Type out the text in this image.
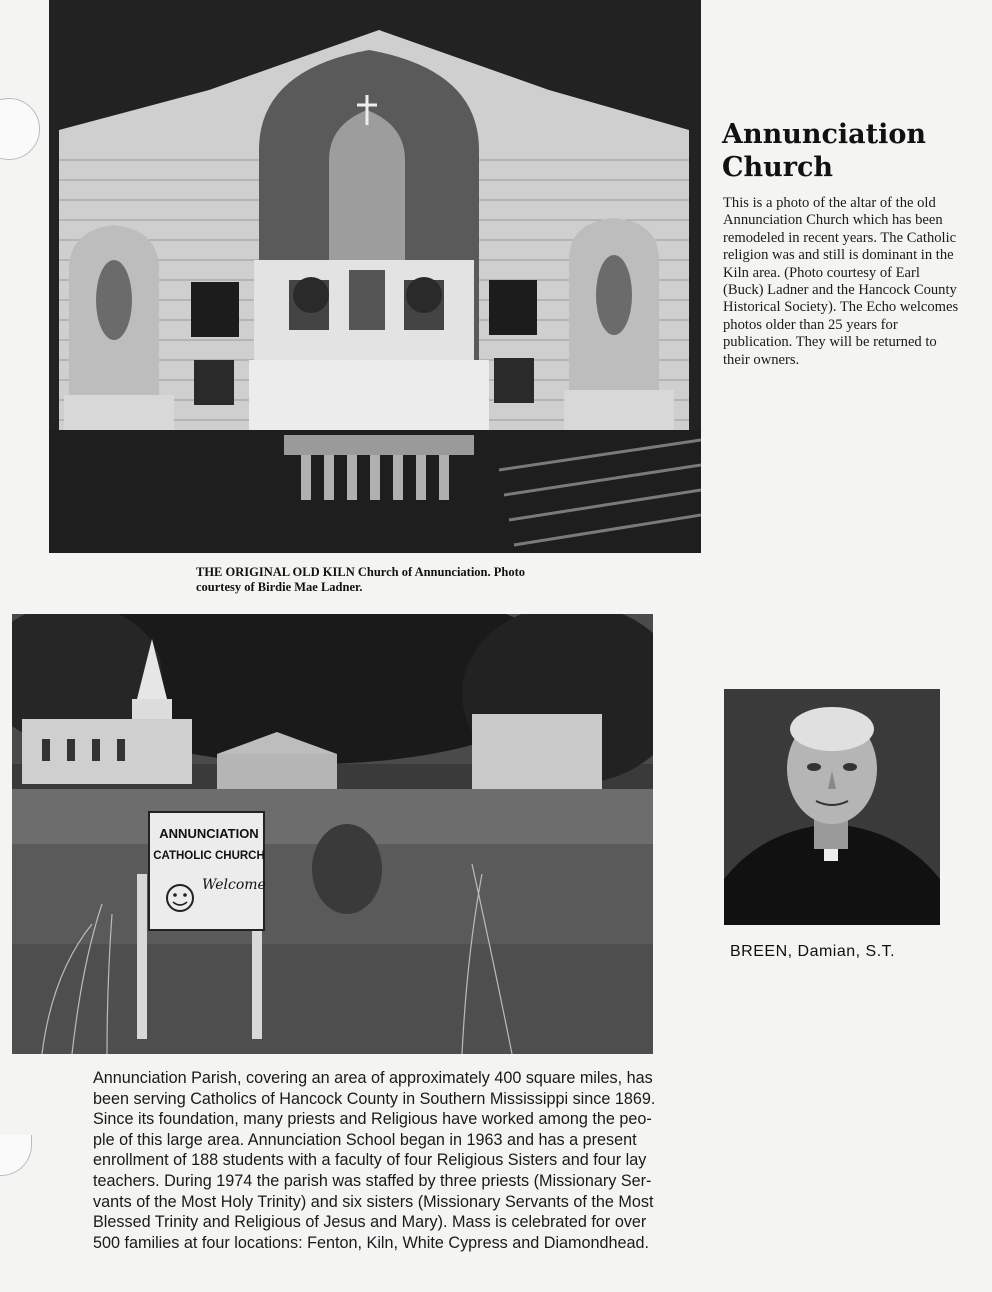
Annunciation
Church
This is a photo of the altar of the old Annunciation Church which has been remodeled in recent years. The Catholic religion was and still is dominant in the Kiln area. (Photo courtesy of Earl (Buck) Ladner and the Hancock County Historical Society). The Echo welcomes photos older than 25 years for publication. They will be returned to their owners.
THE ORIGINAL OLD KILN Church of Annunciation. Photo
courtesy of Birdie Mae Ladner.
ANNUNCIATION
CATHOLIC CHURCH
Welcome
BREEN, Damian, S.T.
Annunciation Parish, covering an area of approximately 400 square miles, has
been serving Catholics of Hancock County in Southern Mississippi since 1869.
Since its foundation, many priests and Religious have worked among the peo-
ple of this large area. Annunciation School began in 1963 and has a present
enrollment of 188 students with a faculty of four Religious Sisters and four lay
teachers. During 1974 the parish was staffed by three priests (Missionary Ser-
vants of the Most Holy Trinity) and six sisters (Missionary Servants of the Most
Blessed Trinity and Religious of Jesus and Mary). Mass is celebrated for over
500 families at four locations: Fenton, Kiln, White Cypress and Diamondhead.
